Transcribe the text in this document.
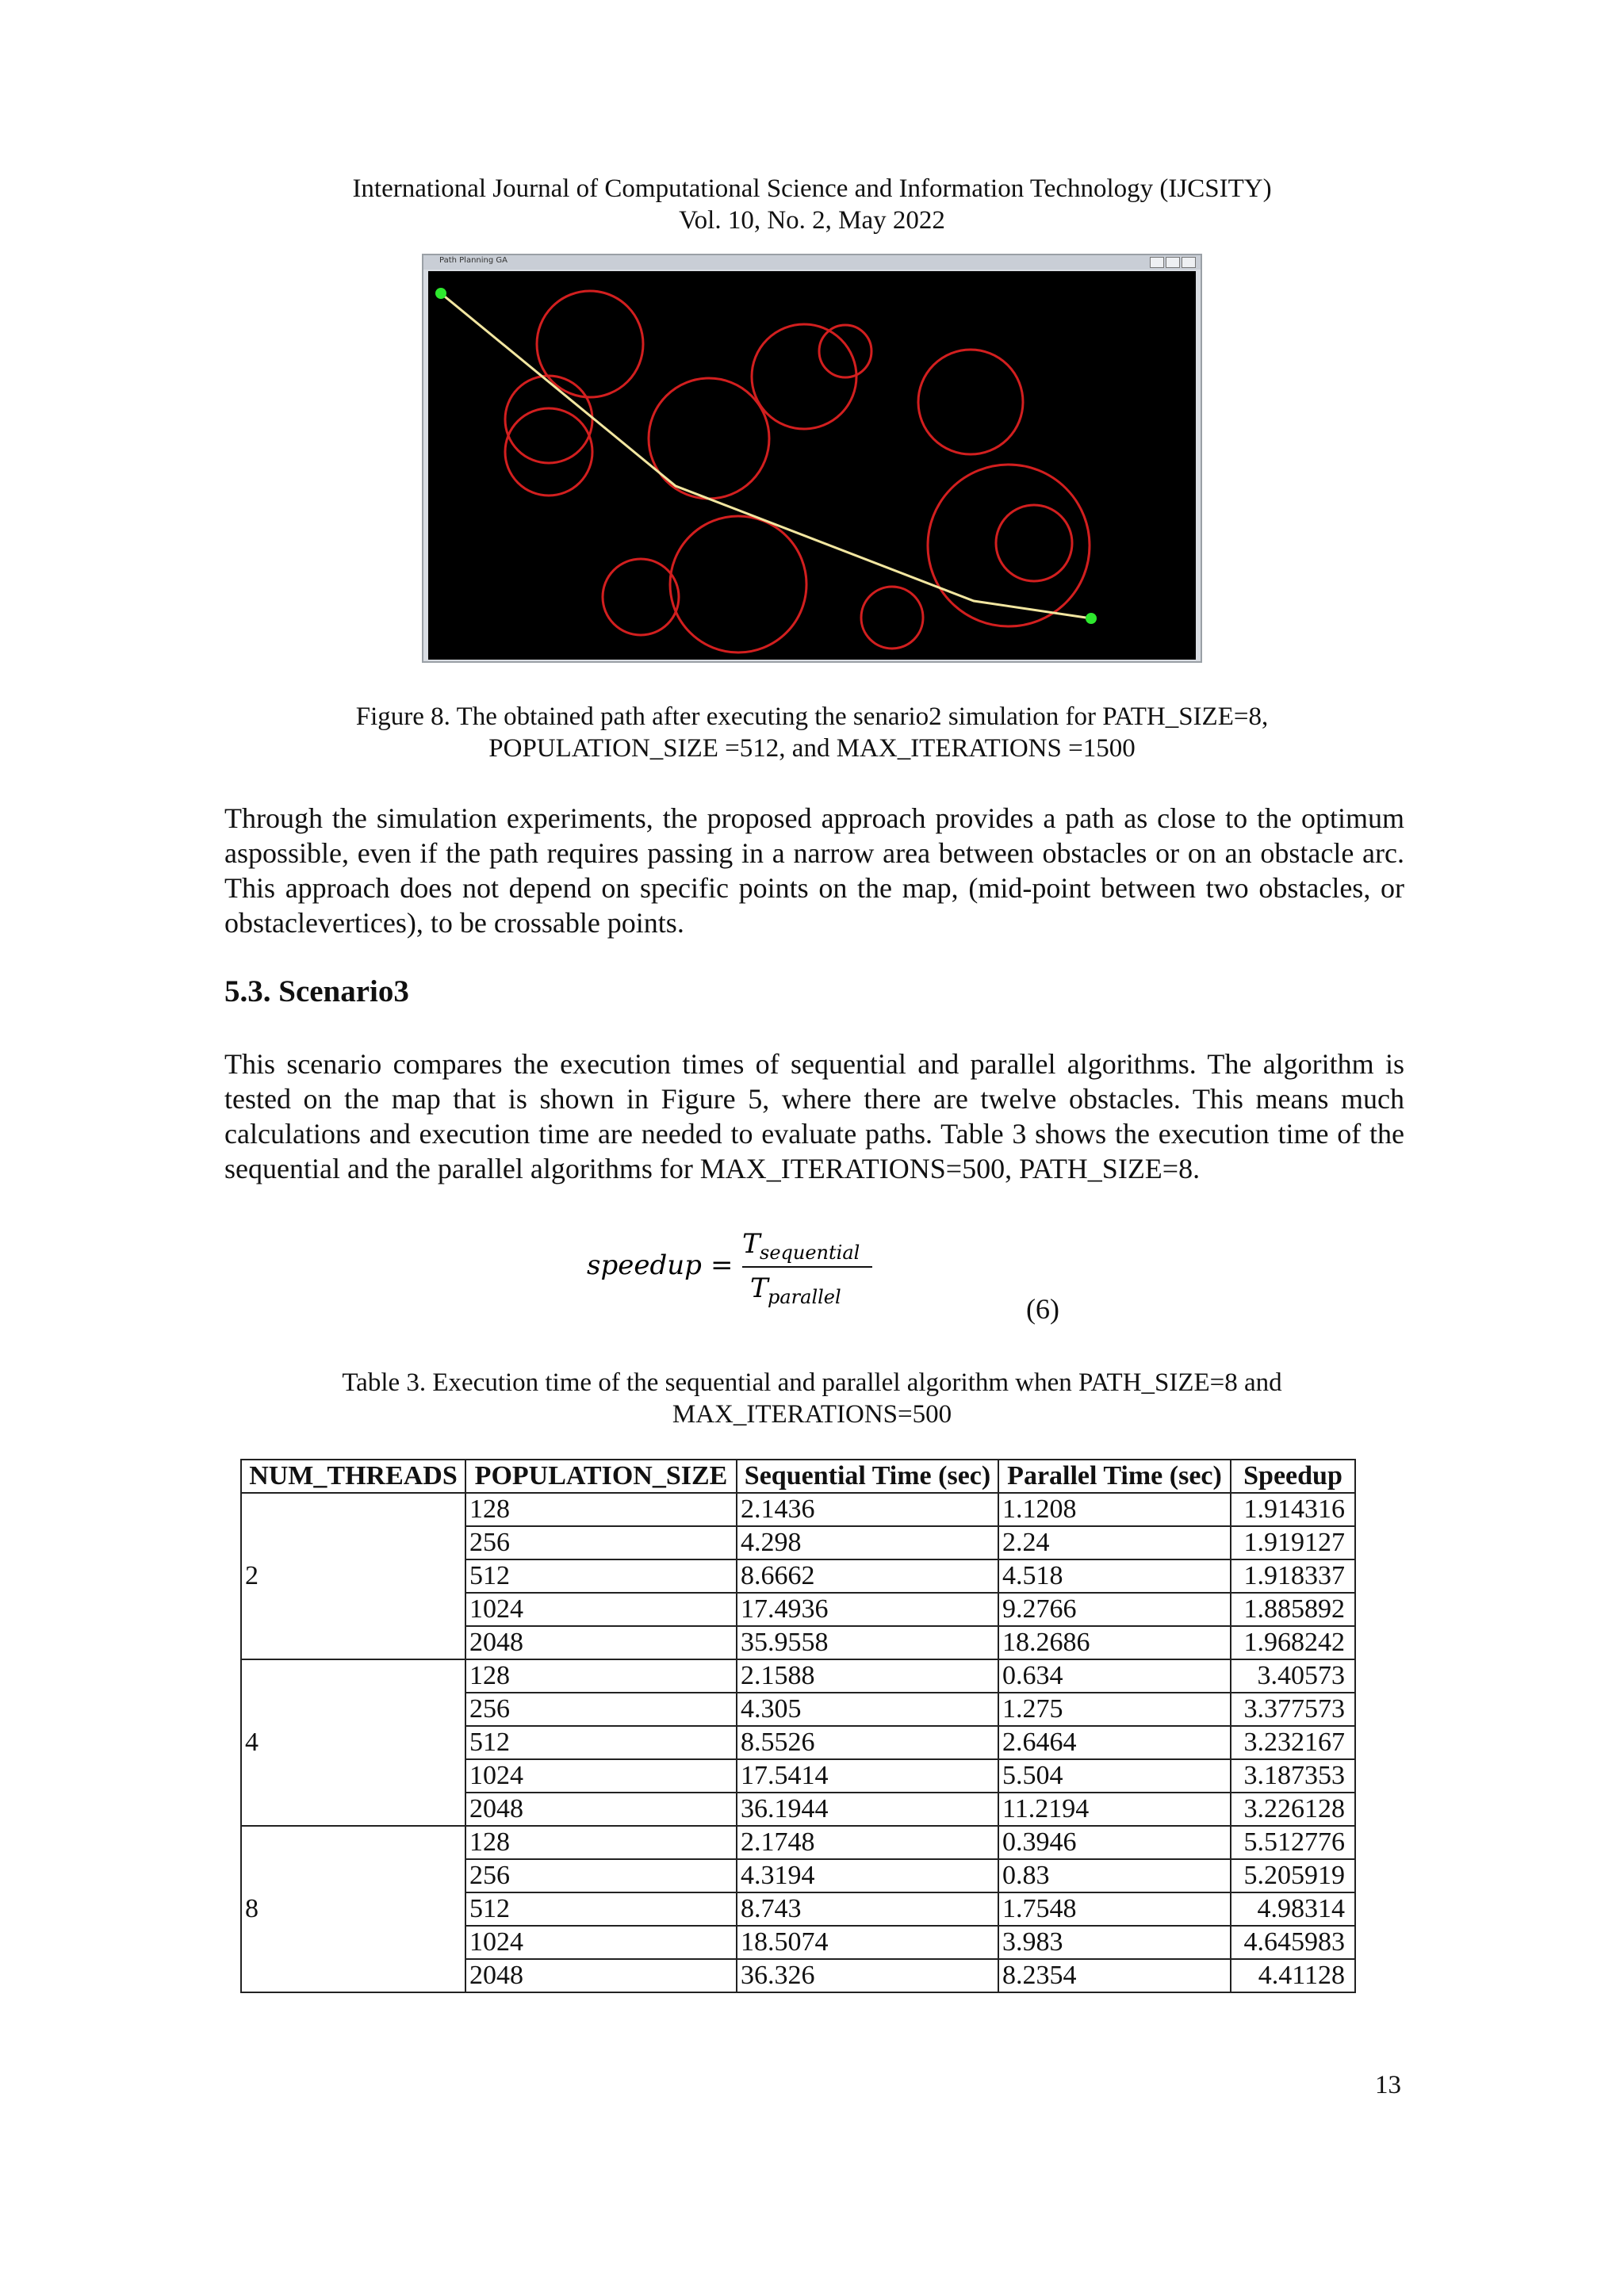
International Journal of Computational Science and Information Technology (IJCSITY)
Vol. 10, No. 2, May 2022
Path Planning GA
Figure 8. The obtained path after executing the senario2 simulation for PATH_SIZE=8,
POPULATION_SIZE =512, and MAX_ITERATIONS =1500
Through the simulation experiments, the proposed approach provides a path as close to the optimum aspossible, even if the path requires passing in a narrow area between obstacles or on an obstacle arc. This approach does not depend on specific points on the map, (mid-point between two obstacles, or obstaclevertices), to be crossable points.
5.3. Scenario3
This scenario compares the execution times of sequential and parallel algorithms. The algorithm is tested on the map that is shown in Figure 5, where there are twelve obstacles. This means much calculations and execution time are needed to evaluate paths. Table 3 shows the execution time of the sequential and the parallel algorithms for MAX_ITERATIONS=500, PATH_SIZE=8.
speedup =
T sequential
T parallel	(6)
Table 3. Execution time of the sequential and parallel algorithm when PATH_SIZE=8 and
MAX_ITERATIONS=500
NUM_THREADS	POPULATION_SIZE	Sequential Time (sec)	Parallel Time (sec)	Speedup
2	128	2.1436	1.1208	1.914316
	256	4.298	2.24	1.919127
	512	8.6662	4.518	1.918337
	1024	17.4936	9.2766	1.885892
	2048	35.9558	18.2686	1.968242
4	128	2.1588	0.634	3.40573
	256	4.305	1.275	3.377573
	512	8.5526	2.6464	3.232167
	1024	17.5414	5.504	3.187353
	2048	36.1944	11.2194	3.226128
8	128	2.1748	0.3946	5.512776
	256	4.3194	0.83	5.205919
	512	8.743	1.7548	4.98314
	1024	18.5074	3.983	4.645983
	2048	36.326	8.2354	4.41128
13
